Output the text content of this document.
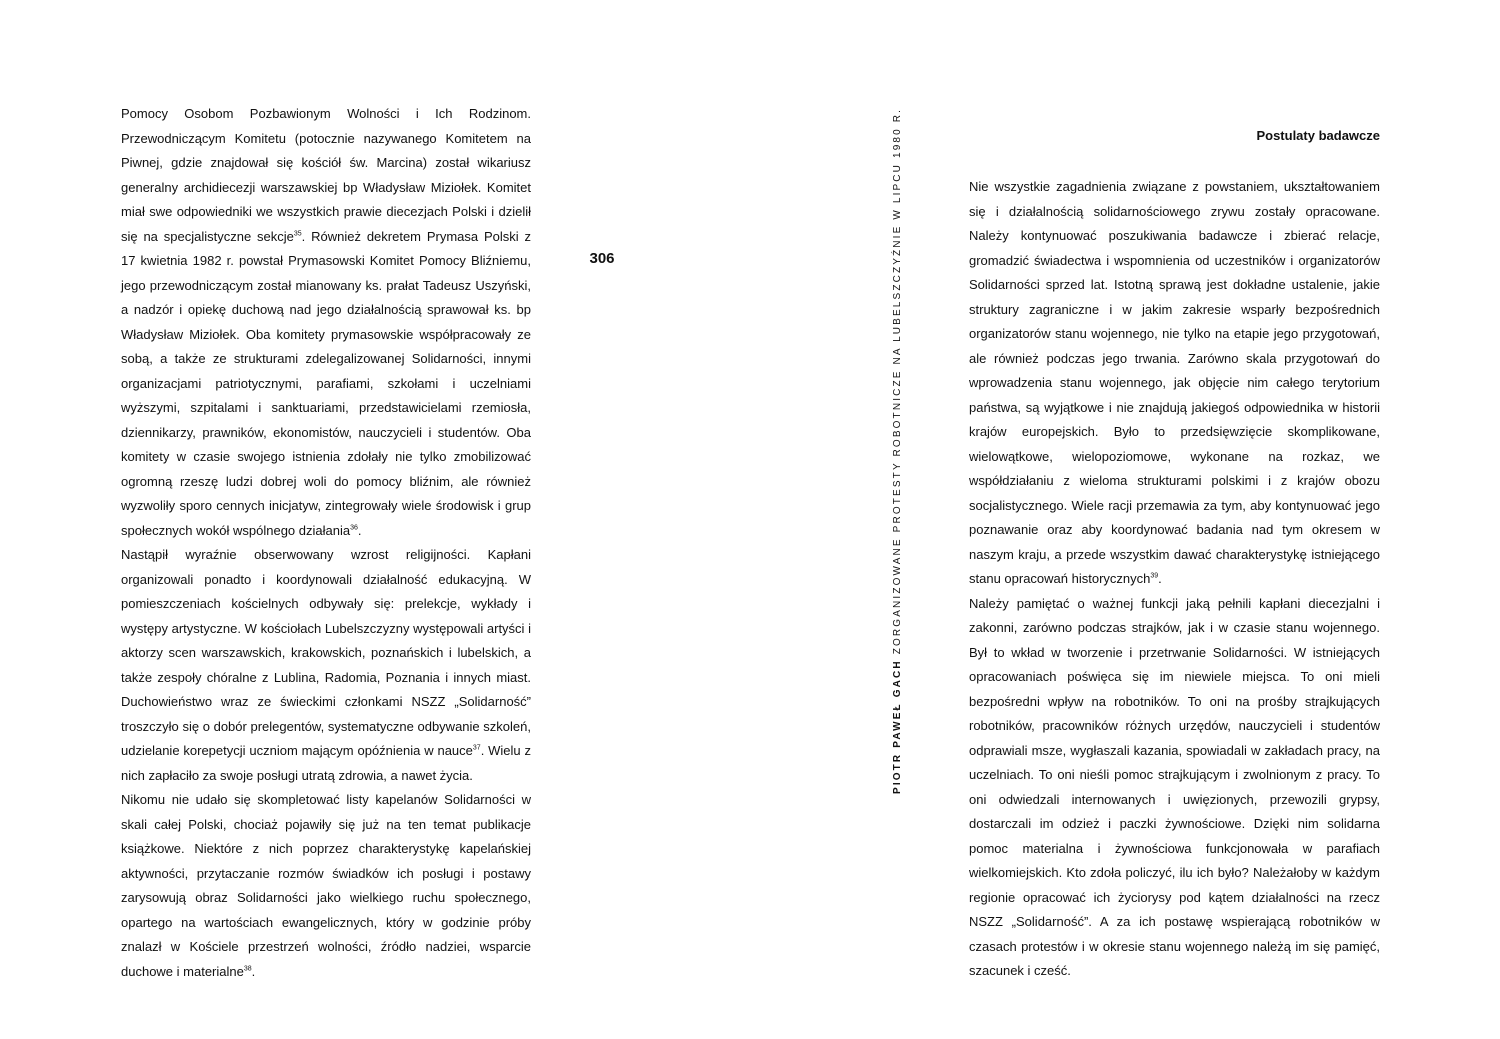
Pomocy Osobom Pozbawionym Wolności i Ich Rodzinom. Przewodniczącym Komitetu (potocznie nazywanego Komitetem na Piwnej, gdzie znajdował się kościół św. Marcina) został wikariusz generalny archidiecezji warszawskiej bp Władysław Miziołek. Komitet miał swe odpowiedniki we wszystkich prawie diecezjach Polski i dzielił się na specjalistyczne sekcje$^{35}$. Również dekretem Prymasa Polski z 17 kwietnia 1982 r. powstał Prymasowski Komitet Pomocy Bliźniemu, jego przewodniczącym został mianowany ks. prałat Tadeusz Uszyński, a nadzór i opiekę duchową nad jego działalnością sprawował ks. bp Władysław Miziołek. Oba komitety prymasowskie współpracowały ze sobą, a także ze strukturami zdelegalizowanej Solidarności, innymi organizacjami patriotycznymi, parafiami, szkołami i uczelniami wyższymi, szpitalami i sanktuariami, przedstawicielami rzemiosła, dziennikarzy, prawników, ekonomistów, nauczycieli i studentów. Oba komitety w czasie swojego istnienia zdołały nie tylko zmobilizować ogromną rzeszę ludzi dobrej woli do pomocy bliźnim, ale również wyzwoliły sporo cennych inicjatyw, zintegrowały wiele środowisk i grup społecznych wokół wspólnego działania$^{36}$.

Nastąpił wyraźnie obserwowany wzrost religijności. Kapłani organizowali ponadto i koordynowali działalność edukacyjną. W pomieszczeniach kościelnych odbywały się: prelekcje, wykłady i występy artystyczne. W kościołach Lubelszczyzny występowali artyści i aktorzy scen warszawskich, krakowskich, poznańskich i lubelskich, a także zespoły chóralne z Lublina, Radomia, Poznania i innych miast. Duchowieństwo wraz ze świeckimi członkami NSZZ „Solidarność” troszczyło się o dobór prelegentów, systematyczne odbywanie szkoleń, udzielanie korepetycji uczniom mającym opóźnienia w nauce$^{37}$. Wielu z nich zapłaciło za swoje posługi utratą zdrowia, a nawet życia.

Nikomu nie udało się skompletować listy kapelanów Solidarności w skali całej Polski, chociaż pojawiły się już na ten temat publikacje książkowe. Niektóre z nich poprzez charakterystykę kapelańskiej aktywności, przytaczanie rozmów świadków ich posługi i postawy zarysowują obraz Solidarności jako wielkiego ruchu społecznego, opartego na wartościach ewangelicznych, który w godzinie próby znalazł w Kościele przestrzeń wolności, źródło nadziei, wsparcie duchowe i materialne$^{38}$.

306
PIOTR PAWEŁ GACH ZORGANIZOWANE PROTESTY ROBOTNICZE NA LUBELSZCZYŹNIE W LIPCU 1980 R.	Postulaty badawcze

Nie wszystkie zagadnienia związane z powstaniem, ukształtowaniem się i działalnością solidarnościowego zrywu zostały opracowane. Należy kontynuować poszukiwania badawcze i zbierać relacje, gromadzić świadectwa i wspomnienia od uczestników i organizatorów Solidarności sprzed lat. Istotną sprawą jest dokładne ustalenie, jakie struktury zagraniczne i w jakim zakresie wsparły bezpośrednich organizatorów stanu wojennego, nie tylko na etapie jego przygotowań, ale również podczas jego trwania. Zarówno skala przygotowań do wprowadzenia stanu wojennego, jak objęcie nim całego terytorium państwa, są wyjątkowe i nie znajdują jakiegoś odpowiednika w historii krajów europejskich. Było to przedsięwzięcie skomplikowane, wielowątkowe, wielopoziomowe, wykonane na rozkaz, we współdziałaniu z wieloma strukturami polskimi i z krajów obozu socjalistycznego. Wiele racji przemawia za tym, aby kontynuować jego poznawanie oraz aby koordynować badania nad tym okresem w naszym kraju, a przede wszystkim dawać charakterystykę istniejącego stanu opracowań historycznych$^{39}$.

Należy pamiętać o ważnej funkcji jaką pełnili kapłani diecezjalni i zakonni, zarówno podczas strajków, jak i w czasie stanu wojennego. Był to wkład w tworzenie i przetrwanie Solidarności. W istniejących opracowaniach poświęca się im niewiele miejsca. To oni mieli bezpośredni wpływ na robotników. To oni na prośby strajkujących robotników, pracowników różnych urzędów, nauczycieli i studentów odprawiali msze, wygłaszali kazania, spowiadali w zakładach pracy, na uczelniach. To oni nieśli pomoc strajkującym i zwolnionym z pracy. To oni odwiedzali internowanych i uwięzionych, przewozili grypsy, dostarczali im odzież i paczki żywnościowe. Dzięki nim solidarna pomoc materialna i żywnościowa funkcjonowała w parafiach wielkomiejskich. Kto zdoła policzyć, ilu ich było? Należałoby w każdym regionie opracować ich życiorysy pod kątem działalności na rzecz NSZZ „Solidarność”. A za ich postawę wspierającą robotników w czasach protestów i w okresie stanu wojennego należą im się pamięć, szacunek i cześć.
